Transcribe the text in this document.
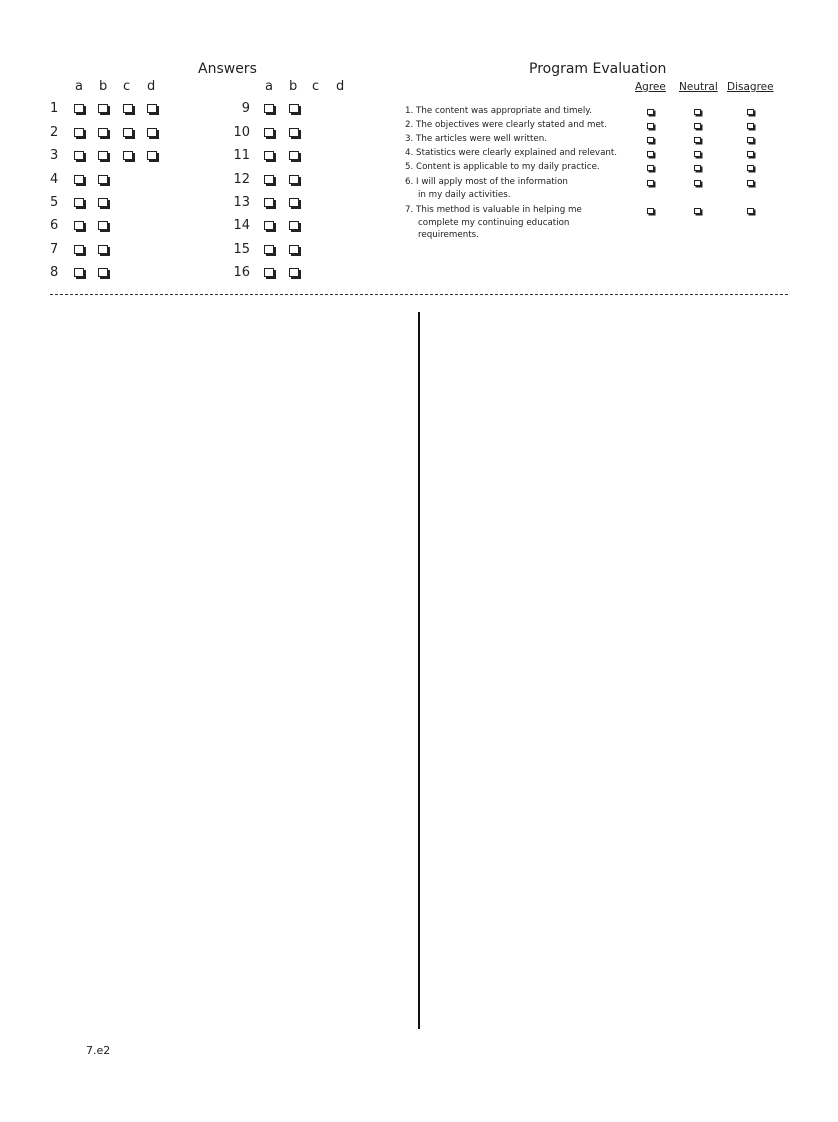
Answers
a b c d	a b c d
1
2
3
4
5
6
7
8
9
10
11
12
13
14
15
16
Program Evaluation
Agree Neutral Disagree
1. The content was appropriate and timely.
2. The objectives were clearly stated and met.
3. The articles were well written.
4. Statistics were clearly explained and relevant.
5. Content is applicable to my daily practice.
6. I will apply most of the information
in my daily activities.
7. This method is valuable in helping me
complete my continuing education
requirements.
7.e2
